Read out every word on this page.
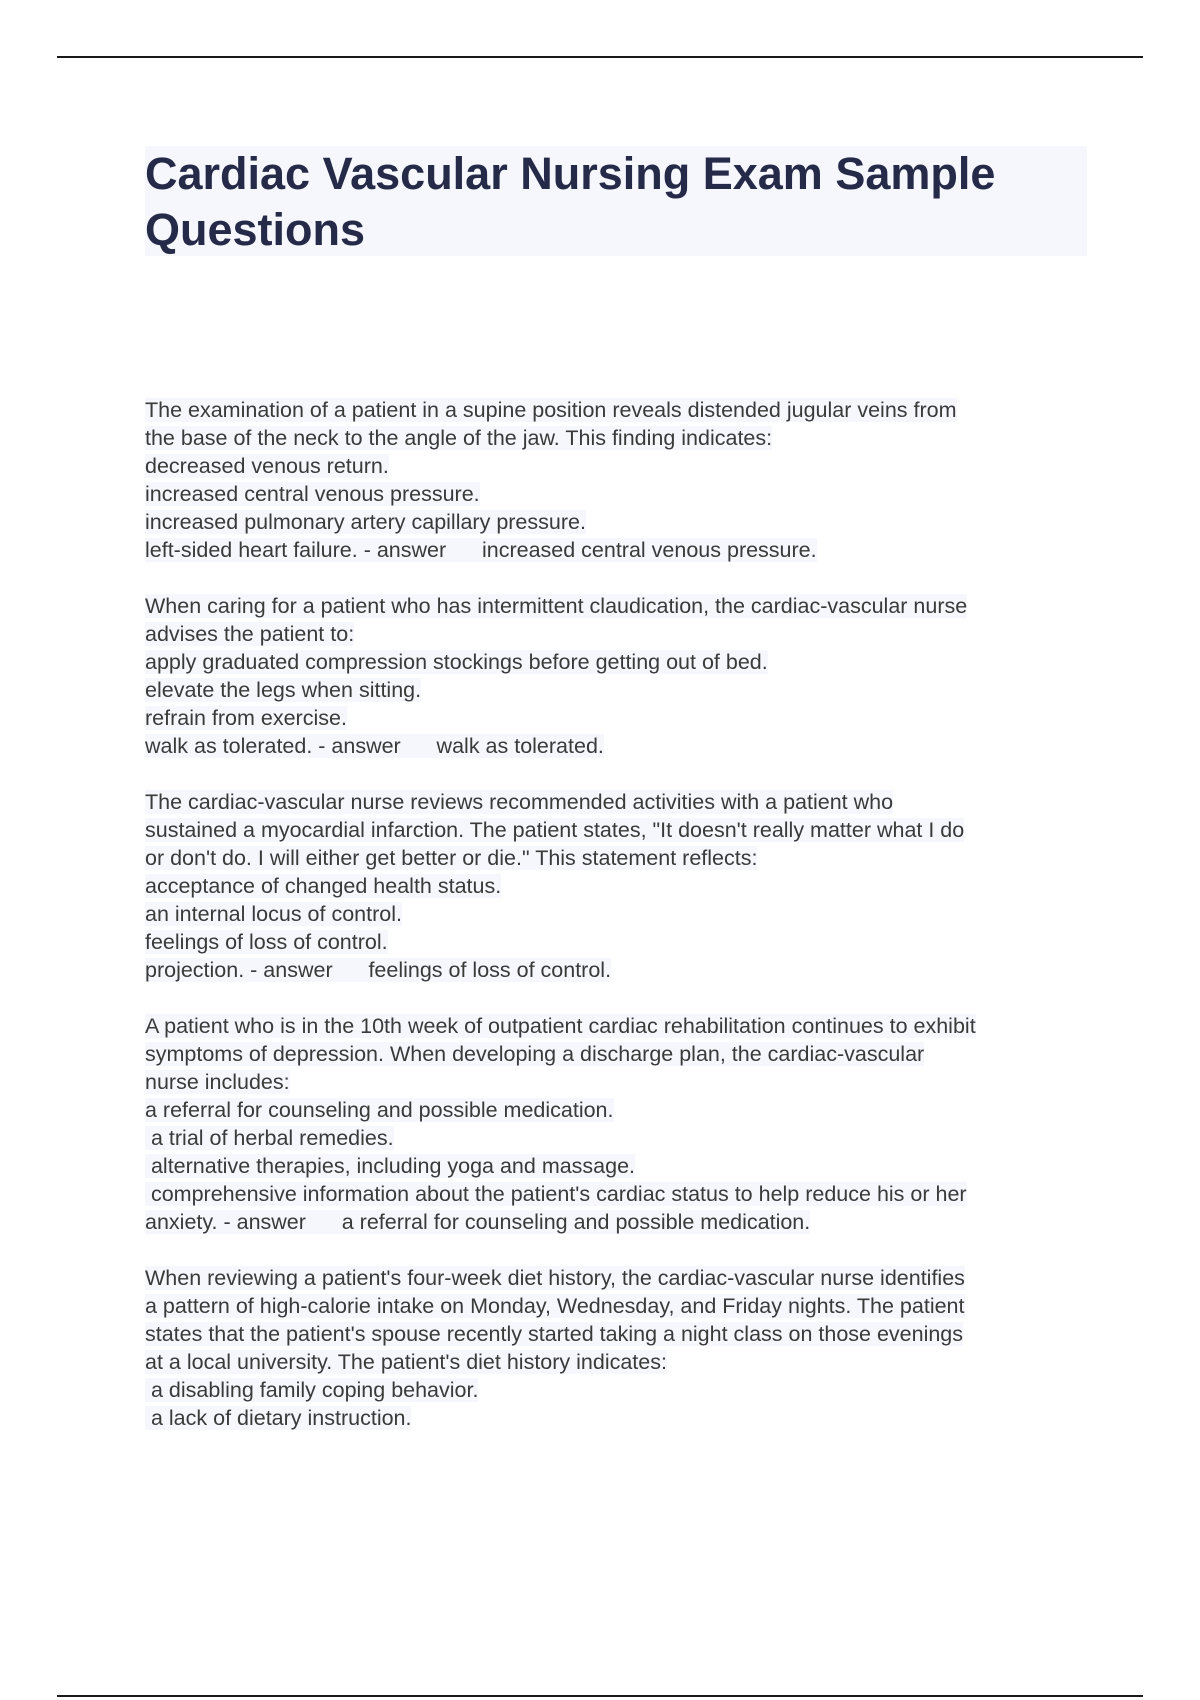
Cardiac Vascular Nursing Exam Sample Questions
The examination of a patient in a supine position reveals distended jugular veins from
the base of the neck to the angle of the jaw. This finding indicates:
decreased venous return.
increased central venous pressure.
increased pulmonary artery capillary pressure.
left-sided heart failure. - answer      increased central venous pressure.
When caring for a patient who has intermittent claudication, the cardiac-vascular nurse
advises the patient to:
apply graduated compression stockings before getting out of bed.
elevate the legs when sitting.
refrain from exercise.
walk as tolerated. - answer      walk as tolerated.
The cardiac-vascular nurse reviews recommended activities with a patient who
sustained a myocardial infarction. The patient states, "It doesn't really matter what I do
or don't do. I will either get better or die." This statement reflects:
acceptance of changed health status.
an internal locus of control.
feelings of loss of control.
projection. - answer      feelings of loss of control.
A patient who is in the 10th week of outpatient cardiac rehabilitation continues to exhibit
symptoms of depression. When developing a discharge plan, the cardiac-vascular
nurse includes:
a referral for counseling and possible medication.
a trial of herbal remedies.
alternative therapies, including yoga and massage.
comprehensive information about the patient's cardiac status to help reduce his or her
anxiety. - answer      a referral for counseling and possible medication.
When reviewing a patient's four-week diet history, the cardiac-vascular nurse identifies
a pattern of high-calorie intake on Monday, Wednesday, and Friday nights. The patient
states that the patient's spouse recently started taking a night class on those evenings
at a local university. The patient's diet history indicates:
a disabling family coping behavior.
a lack of dietary instruction.
